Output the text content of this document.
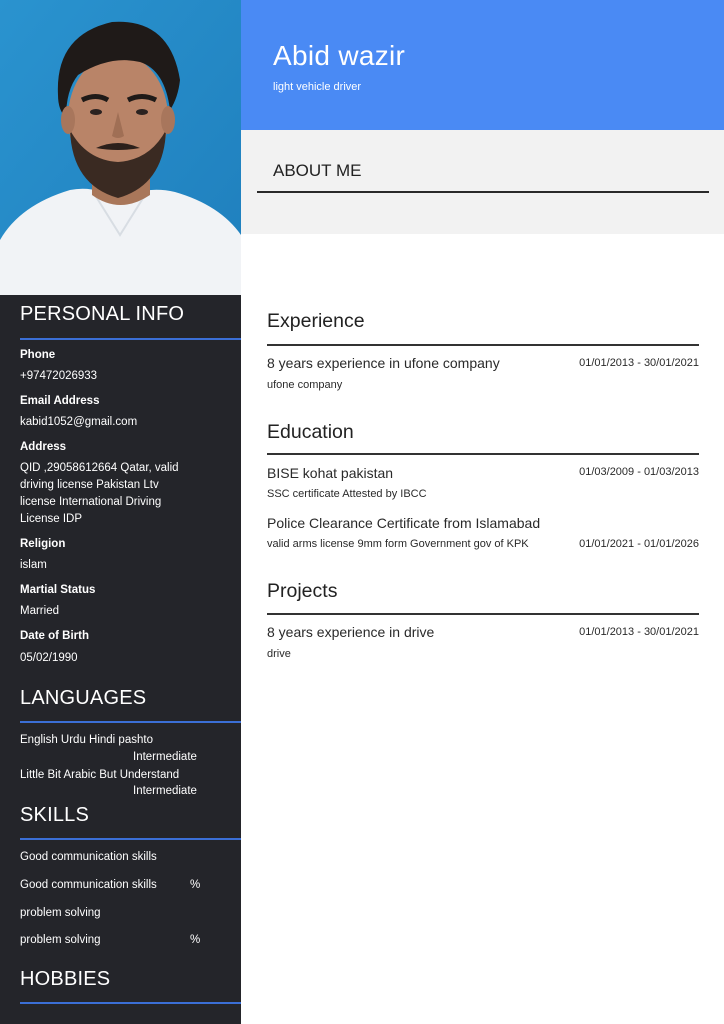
PERSONAL INFO
Phone
+97472026933
Email Address
kabid1052@gmail.com
Address
QID ,29058612664 Qatar, valid
driving license Pakistan Ltv
license International Driving
License IDP
Religion
islam
Martial Status
Married
Date of Birth
05/02/1990
LANGUAGES
English Urdu Hindi pashto
Intermediate
Little Bit Arabic But Understand
Intermediate
SKILLS
Good communication skills
Good communication skills	%
problem solving
problem solving	%
HOBBIES
Abid wazir
light vehicle driver
ABOUT ME
Experience
8 years experience in ufone company	01/01/2013 - 30/01/2021
ufone company
Education
BISE kohat pakistan	01/03/2009 - 01/03/2013
SSC certificate Attested by IBCC
Police Clearance Certificate from Islamabad
valid arms license 9mm form Government gov of KPK	01/01/2021 - 01/01/2026
Projects
8 years experience in drive	01/01/2013 - 30/01/2021
drive
